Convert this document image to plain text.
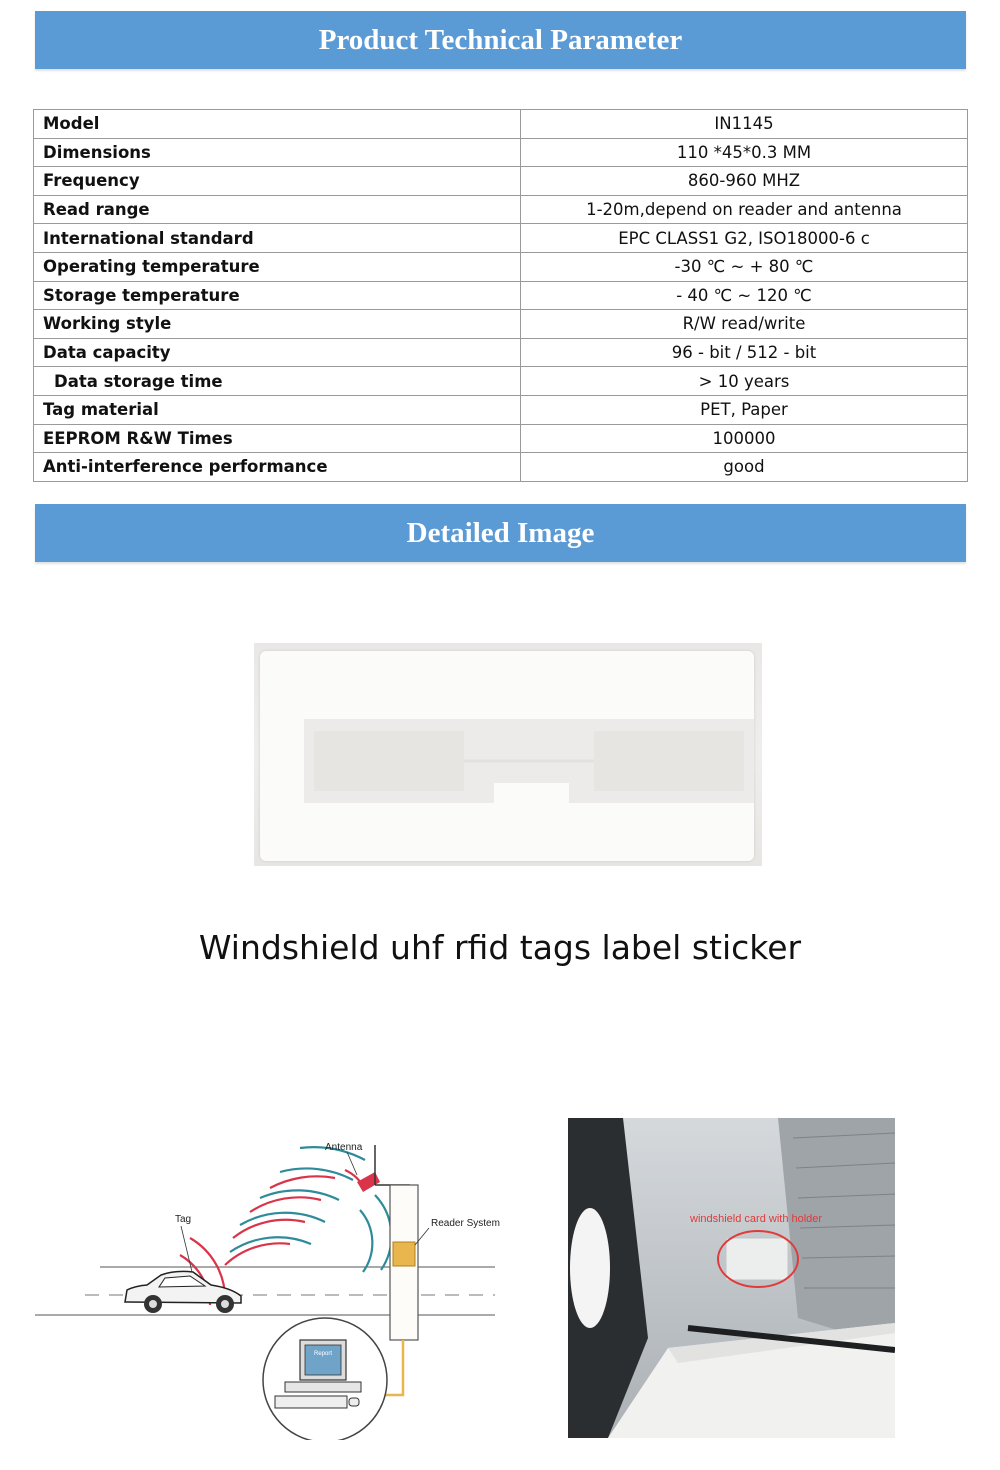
Product Technical Parameter
Model	IN1145
Dimensions	110 *45*0.3 MM
Frequency	860-960 MHZ
Read range	1-20m,depend on reader and antenna
International standard	EPC CLASS1 G2, ISO18000-6 c
Operating temperature	-30 ℃ ~ + 80 ℃
Storage temperature	- 40 ℃ ~ 120 ℃
Working style	R/W read/write
Data capacity	96 - bit / 512 - bit
Data storage time	> 10 years
Tag material	PET, Paper
EEPROM R&W Times	100000
Anti-interference performance	good
Detailed Image
Windshield uhf rfid tags label sticker
Antenna
Reader System
Tag
Report
windshield card with holder
